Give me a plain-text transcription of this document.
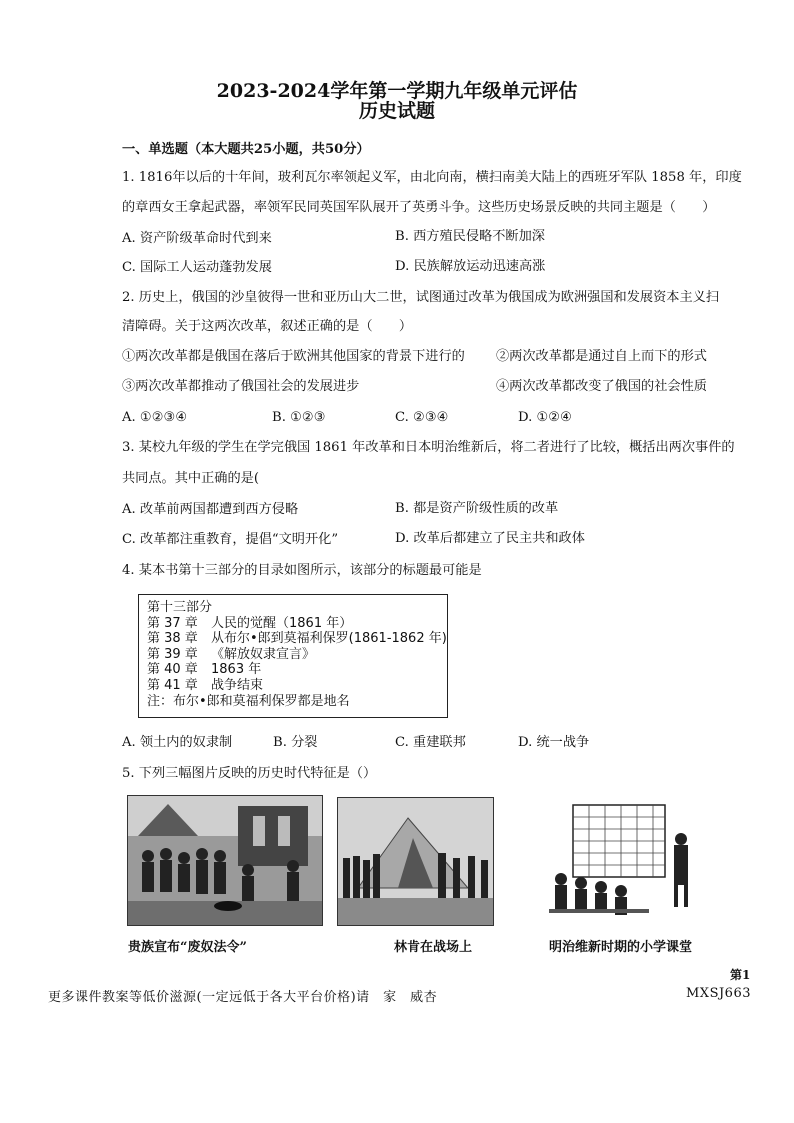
2023-2024学年第一学期九年级单元评估
历史试题

一、单选题（本大题共25小题，共50分）

1. 1816年以后的十年间，玻利瓦尔率领起义军，由北向南，横扫南美大陆上的西班牙军队 1858 年，印度

的章西女王拿起武器，率领军民同英国军队展开了英勇斗争。这些历史场景反映的共同主题是（　　）

A. 资产阶级革命时代到来	B. 西方殖民侵略不断加深

C. 国际工人运动蓬勃发展	D. 民族解放运动迅速高涨

2. 历史上，俄国的沙皇彼得一世和亚历山大二世，试图通过改革为俄国成为欧洲强国和发展资本主义扫

清障碍。关于这两次改革，叙述正确的是（　　）

①两次改革都是俄国在落后于欧洲其他国家的背景下进行的 ②两次改革都是通过自上而下的形式

③两次改革都推动了俄国社会的发展进步	④两次改革都改变了俄国的社会性质

A. ①②③④	B. ①②③	C. ②③④	D. ①②④

3. 某校九年级的学生在学完俄国 1861 年改革和日本明治维新后，将二者进行了比较，概括出两次事件的

共同点。其中正确的是(

A. 改革前两国都遭到西方侵略	B. 都是资产阶级性质的改革

C. 改革都注重教育，提倡“文明开化”	D. 改革后都建立了民主共和政体

4. 某本书第十三部分的目录如图所示，该部分的标题最可能是

第十三部分
第 37 章 人民的觉醒（1861 年）
第 38 章 从布尔•郎到莫福利保罗(1861-1862 年)
第 39 章 《解放奴隶宣言》
第 40 章 1863 年
第 41 章 战争结束
注：布尔•郎和莫福利保罗都是地名

A. 领土内的奴隶制	B. 分裂	C. 重建联邦	D. 统一战争

5. 下列三幅图片反映的历史时代特征是（）

贵族宣布“废奴法令”	林肯在战场上	明治维新时期的小学课堂
第1
更多课件教案等低价滋源(一定远低于各大平台价格)请　家　威杏	MXSJ663
